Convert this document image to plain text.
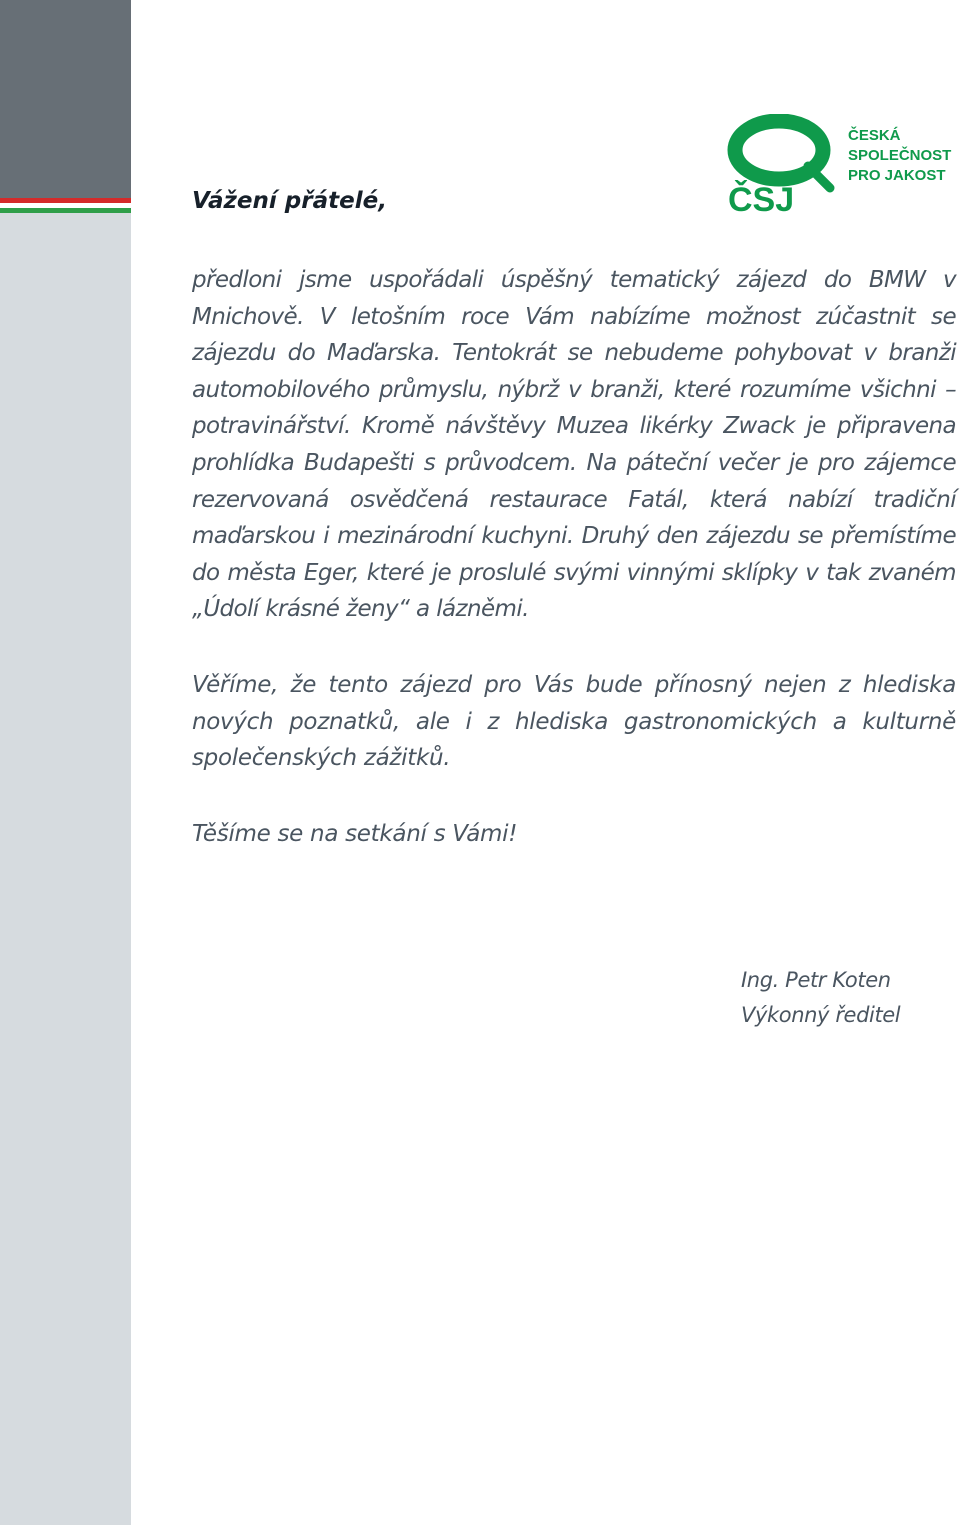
ČSJ
ČESKÁ
SPOLEČNOST
PRO JAKOST
Vážení přátelé,
předloni jsme uspořádali úspěšný tematický zájezd do BMW v Mnichově. V letošním roce Vám nabízíme možnost zúčastnit se zájezdu do Maďarska. Tentokrát se nebudeme pohybovat v branži automobilového průmyslu, nýbrž v branži, které rozumíme všichni – potravinářství. Kromě návštěvy Muzea likérky Zwack je připravena prohlídka Budapešti s průvodcem. Na páteční večer je pro zájemce rezervovaná osvědčená restaurace Fatál, která nabízí tradiční maďarskou i mezinárodní kuchyni. Druhý den zájezdu se přemístíme do města Eger, které je proslulé svými vinnými sklípky v tak zvaném „Údolí krásné ženy“ a lázněmi.
Věříme, že tento zájezd pro Vás bude přínosný nejen z hlediska nových poznatků, ale i z hlediska gastronomických a kulturně společenských zážitků.
Těšíme se na setkání s Vámi!
Ing. Petr Koten
Výkonný ředitel
